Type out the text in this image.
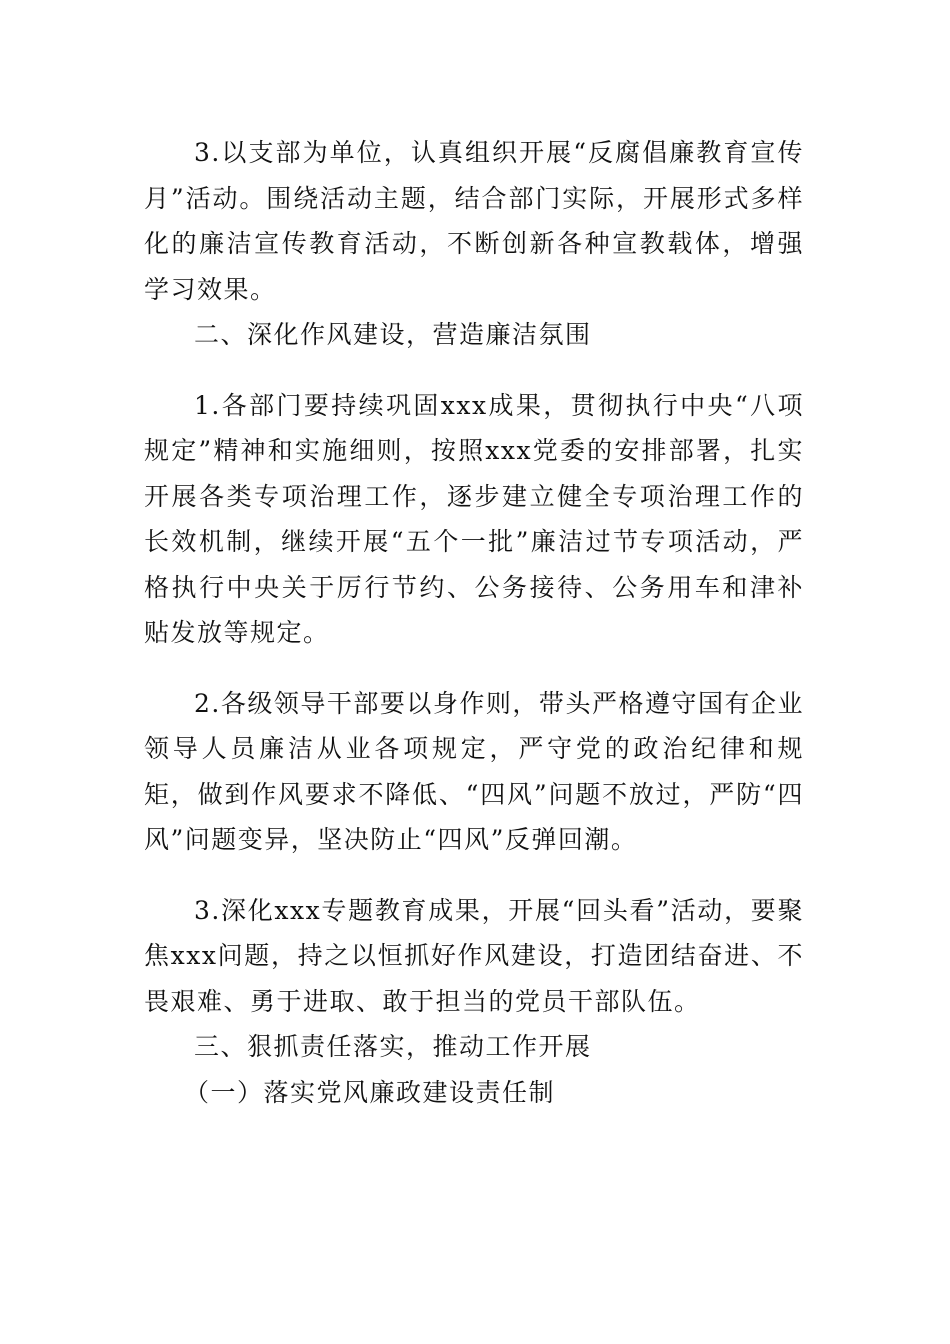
3.以支部为单位，认真组织开展“反腐倡廉教育宣传月”活动。围绕活动主题，结合部门实际，开展形式多样化的廉洁宣传教育活动，不断创新各种宣教载体，增强学习效果。

二、深化作风建设，营造廉洁氛围

1.各部门要持续巩固xxx成果，贯彻执行中央“八项规定”精神和实施细则，按照xxx党委的安排部署，扎实开展各类专项治理工作，逐步建立健全专项治理工作的长效机制，继续开展“五个一批”廉洁过节专项活动，严格执行中央关于厉行节约、公务接待、公务用车和津补贴发放等规定。

2.各级领导干部要以身作则，带头严格遵守国有企业领导人员廉洁从业各项规定，严守党的政治纪律和规矩，做到作风要求不降低、“四风”问题不放过，严防“四风”问题变异，坚决防止“四风”反弹回潮。

3.深化xxx专题教育成果，开展“回头看”活动，要聚焦xxx问题，持之以恒抓好作风建设，打造团结奋进、不畏艰难、勇于进取、敢于担当的党员干部队伍。

三、狠抓责任落实，推动工作开展

（一）落实党风廉政建设责任制
